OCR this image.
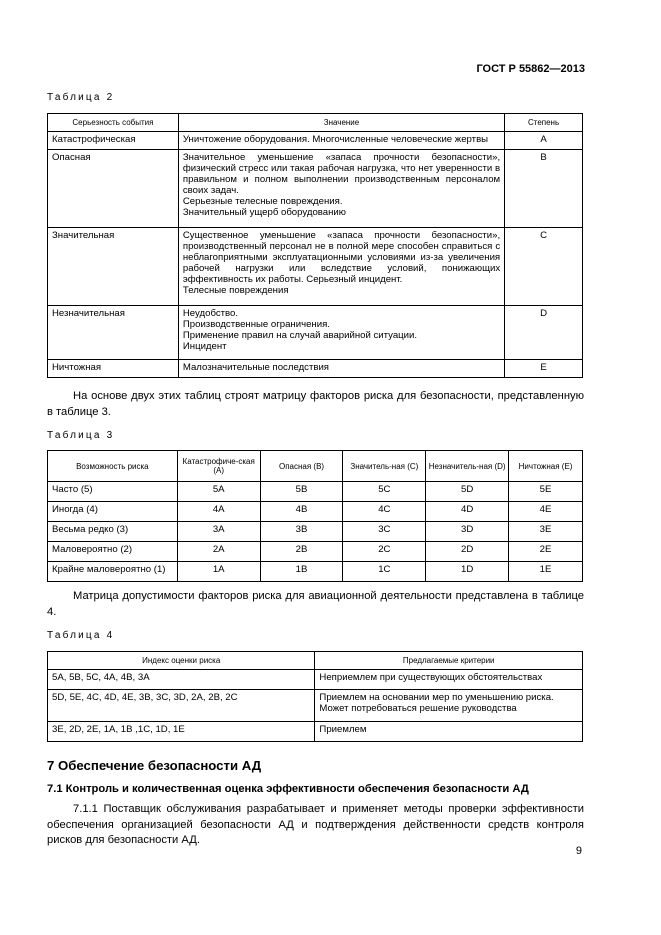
ГОСТ Р 55862—2013
Таблица 2
Серьезность события	Значение	Степень
Катастрофическая	Уничтожение оборудования. Многочисленные человеческие жертвы	A
Опасная	Значительное уменьшение «запаса прочности безопасности», физический стресс или такая рабочая нагрузка, что нет уверенности в правильном и полном выполнении производственным персоналом своих задач.
Серьезные телесные повреждения.
Значительный ущерб оборудованию	B
Значительная	Существенное уменьшение «запаса прочности безопасности», производственный персонал не в полной мере способен справиться с неблагоприятными эксплуатационными условиями из-за увеличения рабочей нагрузки или вследствие условий, понижающих эффективность их работы. Серьезный инцидент.
Телесные повреждения	C
Незначительная	Неудобство.
Производственные ограничения.
Применение правил на случай аварийной ситуации.
Инцидент	D
Ничтожная	Малозначительные последствия	E
На основе двух этих таблиц строят матрицу факторов риска для безопасности, представленную в таблице 3.
Таблица 3
Возможность риска	Катастрофиче-ская (A)	Опасная (B)	Значитель-ная (C)	Незначитель-ная (D)	Ничтожная (E)
Часто (5)	5A	5B	5C	5D	5E
Иногда (4)	4A	4B	4C	4D	4E
Весьма редко (3)	3A	3B	3C	3D	3E
Маловероятно (2)	2A	2B	2C	2D	2E
Крайне маловероятно (1)	1A	1B	1C	1D	1E
Матрица допустимости факторов риска для авиационной деятельности представлена в таблице 4.
Таблица 4
Индекс оценки риска	Предлагаемые критерии
5A, 5B, 5C, 4A, 4B, 3A	Неприемлем при существующих обстоятельствах
5D, 5E, 4C, 4D, 4E, 3B, 3C, 3D, 2A, 2B, 2C	Приемлем на основании мер по уменьшению риска. Может потребоваться решение руководства
3E, 2D, 2E, 1A, 1B ,1C, 1D, 1E	Приемлем
7 Обеспечение безопасности АД
7.1 Контроль и количественная оценка эффективности обеспечения безопасности АД
7.1.1 Поставщик обслуживания разрабатывает и применяет методы проверки эффективности обеспечения организацией безопасности АД и подтверждения действенности средств контроля рисков для безопасности АД.
9
